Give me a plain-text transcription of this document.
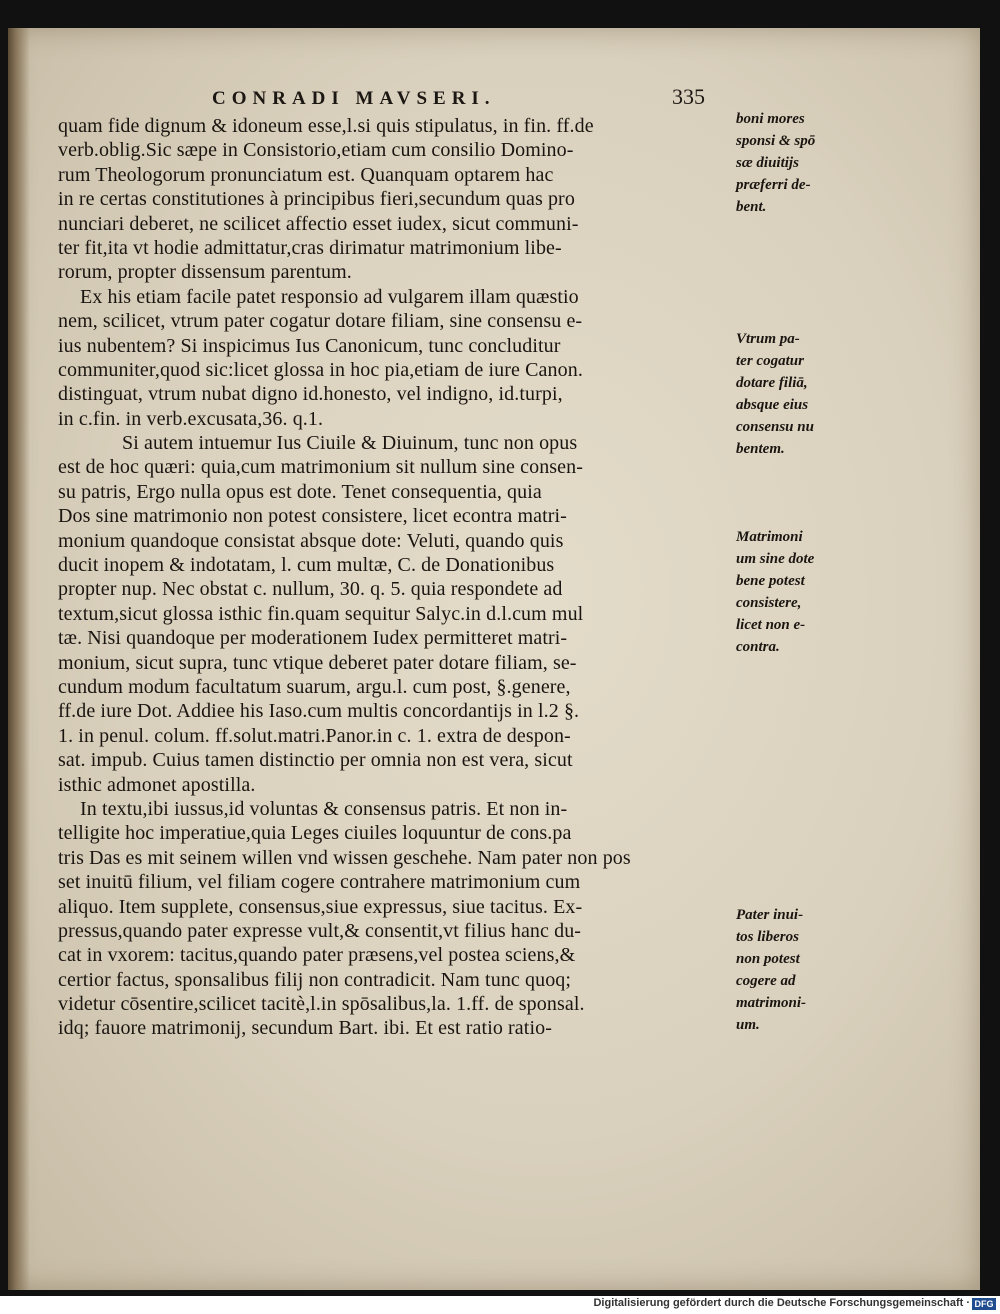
CONRADI MAVSERI.	335
quam fide dignum & idoneum esse,l.si quis stipulatus, in fin. ff.de
verb.oblig.Sic sæpe in Consistorio,etiam cum consilio Domino-
rum Theologorum pronunciatum est. Quanquam optarem hac
in re certas constitutiones à principibus fieri,secundum quas pro
nunciari deberet, ne scilicet affectio esset iudex, sicut communi-
ter fit,ita vt hodie admittatur,cras dirimatur matrimonium libe-
rorum, propter dissensum parentum.
Ex his etiam facile patet responsio ad vulgarem illam quæstio
nem, scilicet, vtrum pater cogatur dotare filiam, sine consensu e-
ius nubentem? Si inspicimus Ius Canonicum, tunc concluditur
communiter,quod sic:licet glossa in hoc pia,etiam de iure Canon.
distinguat, vtrum nubat digno id.honesto, vel indigno, id.turpi,
in c.fin. in verb.excusata,36. q.1.
Si autem intuemur Ius Ciuile & Diuinum, tunc non opus
est de hoc quæri: quia,cum matrimonium sit nullum sine consen-
su patris, Ergo nulla opus est dote. Tenet consequentia, quia
Dos sine matrimonio non potest consistere, licet econtra matri-
monium quandoque consistat absque dote: Veluti, quando quis
ducit inopem & indotatam, l. cum multæ, C. de Donationibus
propter nup. Nec obstat c. nullum, 30. q. 5. quia respondete ad
textum,sicut glossa isthic fin.quam sequitur Salyc.in d.l.cum mul
tæ. Nisi quandoque per moderationem Iudex permitteret matri-
monium, sicut supra, tunc vtique deberet pater dotare filiam, se-
cundum modum facultatum suarum, argu.l. cum post, §.genere,
ff.de iure Dot. Addiee his Iaso.cum multis concordantijs in l.2 §.
1. in penul. colum. ff.solut.matri.Panor.in c. 1. extra de despon-
sat. impub. Cuius tamen distinctio per omnia non est vera, sicut
isthic admonet apostilla.
In textu,ibi iussus,id voluntas & consensus patris. Et non in-
telligite hoc imperatiue,quia Leges ciuiles loquuntur de cons.pa
tris Das es mit seinem willen vnd wissen geschehe. Nam pater non pos
set inuitū filium, vel filiam cogere contrahere matrimonium cum
aliquo. Item supplete, consensus,siue expressus, siue tacitus. Ex-
pressus,quando pater expresse vult,& consentit,vt filius hanc du-
cat in vxorem: tacitus,quando pater præsens,vel postea sciens,&
certior factus, sponsalibus filij non contradicit. Nam tunc quoq;
videtur cōsentire,scilicet tacitè,l.in spōsalibus,la. 1.ff. de sponsal.
idq; fauore matrimonij, secundum Bart. ibi. Et est ratio ratio-
boni mores
sponsi & spō
sæ diuitijs
præferri de-
bent.
Vtrum pa-
ter cogatur
dotare filiā,
absque eius
consensu nu
bentem.
Matrimoni
um sine dote
bene potest
consistere,
licet non e-
contra.
Pater inui-
tos liberos
non potest
cogere ad
matrimoni-
um.
Digitalisierung gefördert durch die Deutsche Forschungsgemeinschaft · DFG
